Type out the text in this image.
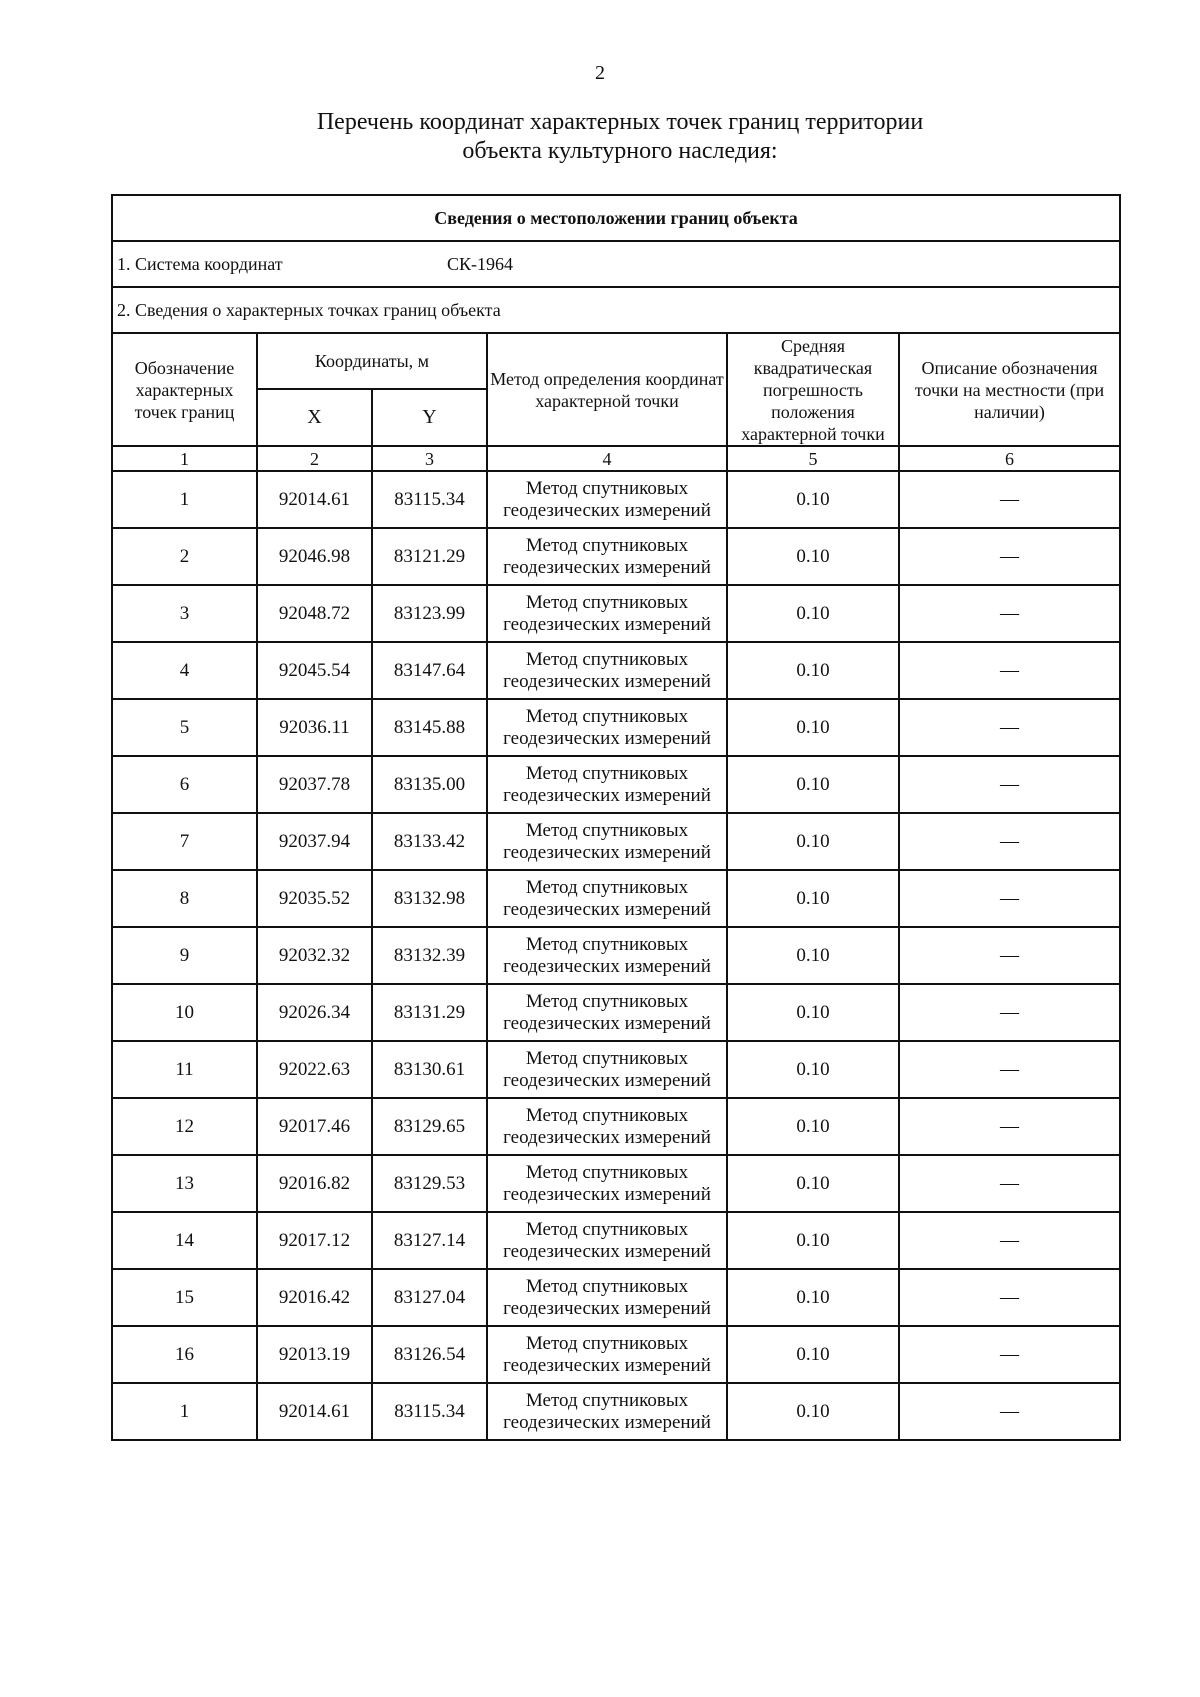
2
Перечень координат характерных точек границ территории
объекта культурного наследия:
Сведения о местоположении границ объекта					
1. Система координат СК-1964					
2. Сведения о характерных точках границ объекта					
Обозначение характерных точек границ	Координаты, м		Метод определения координат характерной точки	Средняя квадратическая погрешность положения характерной точки	Описание обозначения точки на местности (при наличии)
	X	Y			
1	2	3	4	5	6
1	92014.61	83115.34	Метод спутниковых геодезических измерений	0.10	—
2	92046.98	83121.29	Метод спутниковых геодезических измерений	0.10	—
3	92048.72	83123.99	Метод спутниковых геодезических измерений	0.10	—
4	92045.54	83147.64	Метод спутниковых геодезических измерений	0.10	—
5	92036.11	83145.88	Метод спутниковых геодезических измерений	0.10	—
6	92037.78	83135.00	Метод спутниковых геодезических измерений	0.10	—
7	92037.94	83133.42	Метод спутниковых геодезических измерений	0.10	—
8	92035.52	83132.98	Метод спутниковых геодезических измерений	0.10	—
9	92032.32	83132.39	Метод спутниковых геодезических измерений	0.10	—
10	92026.34	83131.29	Метод спутниковых геодезических измерений	0.10	—
11	92022.63	83130.61	Метод спутниковых геодезических измерений	0.10	—
12	92017.46	83129.65	Метод спутниковых геодезических измерений	0.10	—
13	92016.82	83129.53	Метод спутниковых геодезических измерений	0.10	—
14	92017.12	83127.14	Метод спутниковых геодезических измерений	0.10	—
15	92016.42	83127.04	Метод спутниковых геодезических измерений	0.10	—
16	92013.19	83126.54	Метод спутниковых геодезических измерений	0.10	—
1	92014.61	83115.34	Метод спутниковых геодезических измерений	0.10	—
